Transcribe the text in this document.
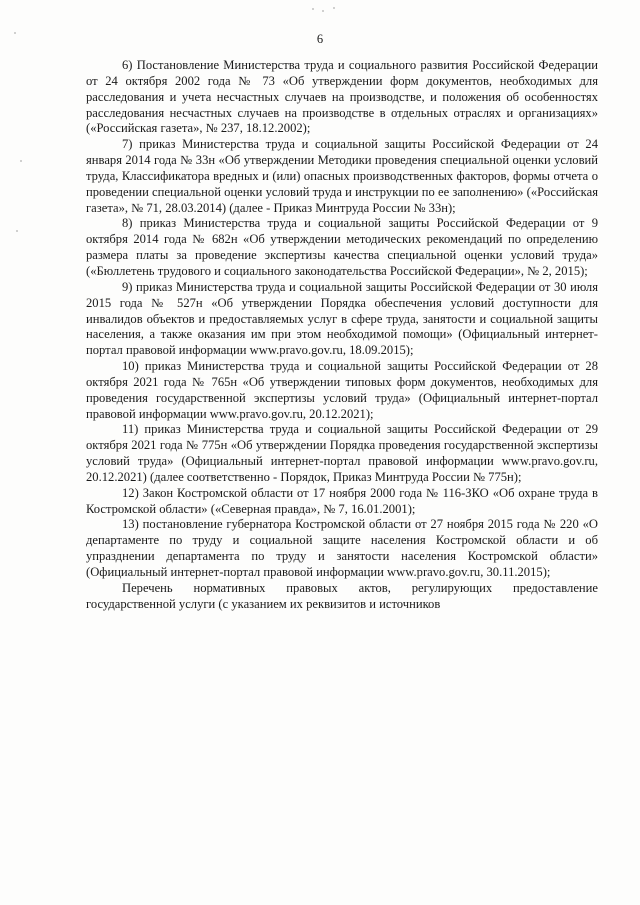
6

6) Постановление Министерства труда и социального развития Российской Федерации от 24 октября 2002 года № 73 «Об утверждении форм документов, необходимых для расследования и учета несчастных случаев на производстве, и положения об особенностях расследования несчастных случаев на производстве в отдельных отраслях и организациях» («Российская газета», № 237, 18.12.2002);

7) приказ Министерства труда и социальной защиты Российской Федерации от 24 января 2014 года № 33н «Об утверждении Методики проведения специальной оценки условий труда, Классификатора вредных и (или) опасных производственных факторов, формы отчета о проведении специальной оценки условий труда и инструкции по ее заполнению» («Российская газета», № 71, 28.03.2014) (далее - Приказ Минтруда России № 33н);

8) приказ Министерства труда и социальной защиты Российской Федерации от 9 октября 2014 года № 682н «Об утверждении методических рекомендаций по определению размера платы за проведение экспертизы качества специальной оценки условий труда» («Бюллетень трудового и социального законодательства Российской Федерации», № 2, 2015);

9) приказ Министерства труда и социальной защиты Российской Федерации от 30 июля 2015 года № 527н «Об утверждении Порядка обеспечения условий доступности для инвалидов объектов и предоставляемых услуг в сфере труда, занятости и социальной защиты населения, а также оказания им при этом необходимой помощи» (Официальный интернет-портал правовой информации www.pravo.gov.ru, 18.09.2015);

10) приказ Министерства труда и социальной защиты Российской Федерации от 28 октября 2021 года № 765н «Об утверждении типовых форм документов, необходимых для проведения государственной экспертизы условий труда» (Официальный интернет-портал правовой информации www.pravo.gov.ru, 20.12.2021);

11) приказ Министерства труда и социальной защиты Российской Федерации от 29 октября 2021 года № 775н «Об утверждении Порядка проведения государственной экспертизы условий труда» (Официальный интернет-портал правовой информации www.pravo.gov.ru, 20.12.2021) (далее соответственно - Порядок, Приказ Минтруда России № 775н);

12) Закон Костромской области от 17 ноября 2000 года № 116-ЗКО «Об охране труда в Костромской области» («Северная правда», № 7, 16.01.2001);

13) постановление губернатора Костромской области от 27 ноября 2015 года № 220 «О департаменте по труду и социальной защите населения Костромской области и об упразднении департамента по труду и занятости населения Костромской области» (Официальный интернет-портал правовой информации www.pravo.gov.ru, 30.11.2015);

Перечень нормативных правовых актов, регулирующих предоставление государственной услуги (с указанием их реквизитов и источников
